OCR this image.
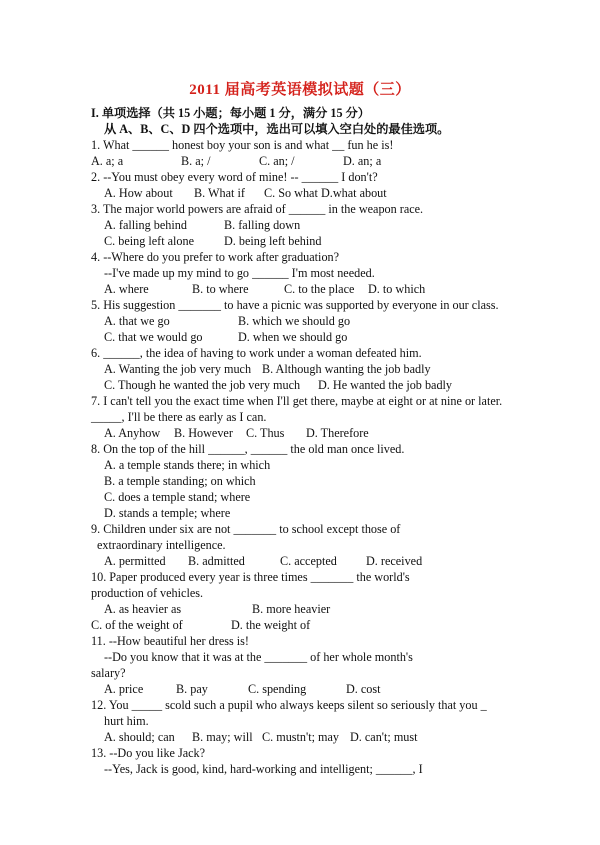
2011 届高考英语模拟试题（三）
I. 单项选择（共 15 小题；每小题 1 分，满分 15 分）
从 A、B、C、D 四个选项中，选出可以填入空白处的最佳选项。
1. What ______ honest boy your son is and what __ fun he is!
A. a; a	B. a; /	C. an; /	D. an; a
2. --You must obey every word of mine! -- ______ I don't?
A. How about B. What if C. So what D.what about
3. The major world powers are afraid of ______ in the weapon race.
A. falling behind	B. falling down
C. being left alone D. being left behind
4. --Where do you prefer to work after graduation?
--I've made up my mind to go ______ I'm most needed.
A. where	B. to where	C. to the place D. to which
5. His suggestion _______ to have a picnic was supported by everyone in our class.
A. that we go	B. which we should go
C. that we would go	D. when we should go
6. ______, the idea of having to work under a woman defeated him.
A. Wanting the job very much B. Although wanting the job badly
C. Though he wanted the job very much D. He wanted the job badly
7. I can't tell you the exact time when I'll get there, maybe at eight or at nine or later.
_____, I'll be there as early as I can.
A. Anyhow B. However C. Thus D. Therefore
8. On the top of the hill ______, ______ the old man once lived.
A. a temple stands there; in which
B. a temple standing; on which
C. does a temple stand; where
D. stands a temple; where
9. Children under six are not _______ to school except those of
extraordinary intelligence.
A. permitted B. admitted	C. accepted D. received
10. Paper produced every year is three times _______ the world's
production of vehicles.
A. as heavier as	B. more heavier
C. of the weight of	D. the weight of
11. --How beautiful her dress is!
--Do you know that it was at the _______ of her whole month's
salary?
A. price	B. pay	C. spending	D. cost
12. You _____ scold such a pupil who always keeps silent so seriously that you _
hurt him.
A. should; can B. may; will C. mustn't; may D. can't; must
13. --Do you like Jack?
--Yes, Jack is good, kind, hard-working and intelligent; ______, I
